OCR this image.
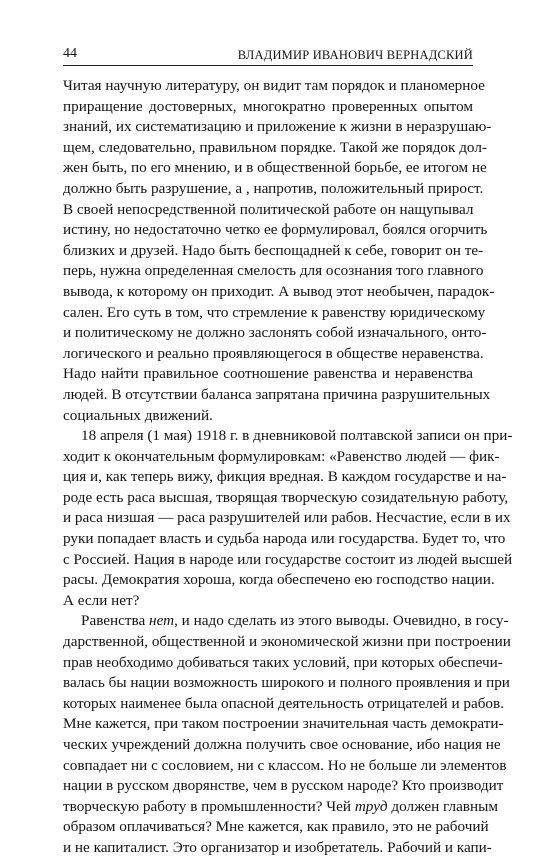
44	ВЛАДИМИР ИВАНОВИЧ ВЕРНАДСКИЙ
Читая научную литературу, он видит там порядок и планомерное
приращение достоверных, многократно проверенных опытом
знаний, их систематизацию и приложение к жизни в неразрушаю-
щем, следовательно, правильном порядке. Такой же порядок дол-
жен быть, по его мнению, и в общественной борьбе, ее итогом не
должно быть разрушение, а , напротив, положительный прирост.
В своей непосредственной политической работе он нащупывал
истину, но недостаточно четко ее формулировал, боялся огорчить
близких и друзей. Надо быть беспощадней к себе, говорит он те-
перь, нужна определенная смелость для осознания того главного
вывода, к которому он приходит. А вывод этот необычен, парадок-
сален. Его суть в том, что стремление к равенству юридическому
и политическому не должно заслонять собой изначального, онто-
логического и реально проявляющегося в обществе неравенства.
Надо найти правильное соотношение равенства и неравенства
людей. В отсутствии баланса запрятана причина разрушительных
социальных движений.
18 апреля (1 мая) 1918 г. в дневниковой полтавской записи он при-
ходит к окончательным формулировкам: «Равенство людей — фик-
ция и, как теперь вижу, фикция вредная. В каждом государстве и на-
роде есть раса высшая, творящая творческую созидательную работу,
и раса низшая — раса разрушителей или рабов. Несчастие, если в их
руки попадает власть и судьба народа или государства. Будет то, что
с Россией. Нация в народе или государстве состоит из людей высшей
расы. Демократия хороша, когда обеспечено ею господство нации.
А если нет?
Равенства нет, и надо сделать из этого выводы. Очевидно, в госу-
дарственной, общественной и экономической жизни при построении
прав необходимо добиваться таких условий, при которых обеспечи-
валась бы нации возможность широкого и полного проявления и при
которых наименее была опасной деятельность отрицателей и рабов.
Мне кажется, при таком построении значительная часть демократи-
ческих учреждений должна получить свое основание, ибо нация не
совпадает ни с сословием, ни с классом. Но не больше ли элементов
нации в русском дворянстве, чем в русском народе? Кто производит
творческую работу в промышленности? Чей труд должен главным
образом оплачиваться? Мне кажется, как правило, это не рабочий
и не капиталист. Это организатор и изобретатель. Рабочий и капи-
